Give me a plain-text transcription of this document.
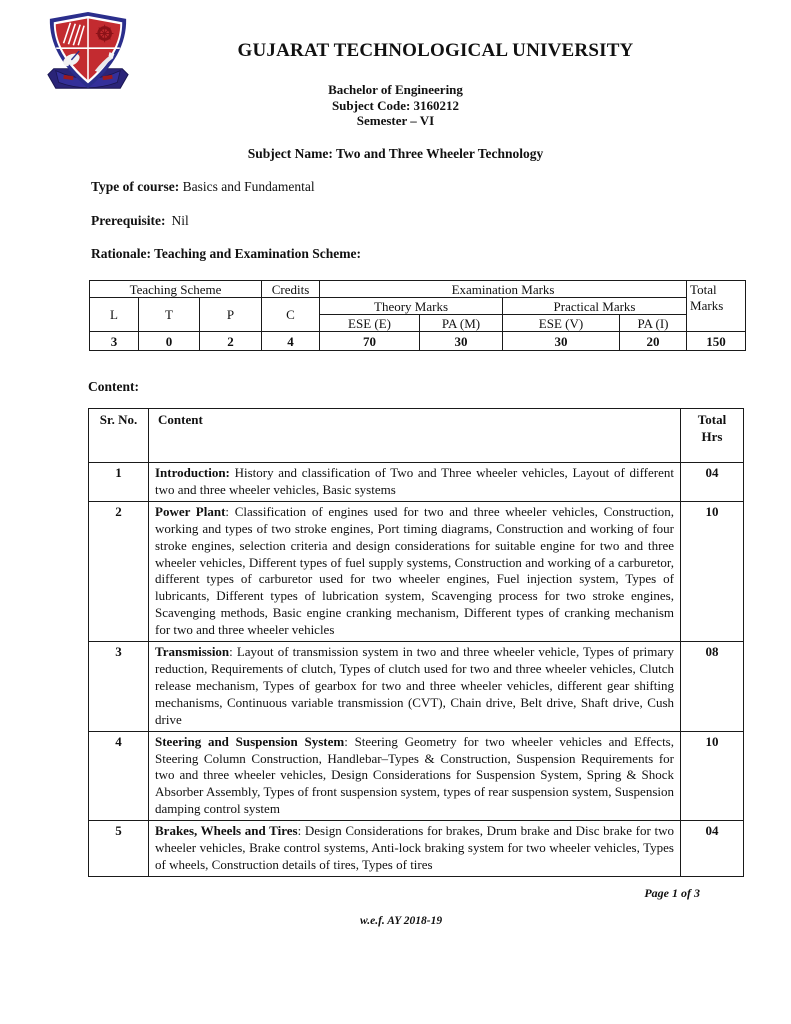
GUJARAT TECHNOLOGICAL UNIVERSITY
Bachelor of Engineering
Subject Code: 3160212
Semester – VI
Subject Name: Two and Three Wheeler Technology
Type of course: Basics and Fundamental
Prerequisite: Nil
Rationale: Teaching and Examination Scheme:
Teaching Scheme			Credits	Examination Marks				Total Marks
L	T	P	C	Theory Marks		Practical Marks		
				ESE (E)	PA (M)	ESE (V)	PA (I)	
3	0	2	4	70	30	30	20	150
Content:
Sr. No.	Content	Total Hrs
1	Introduction: History and classification of Two and Three wheeler vehicles, Layout of different two and three wheeler vehicles, Basic systems	04
2	Power Plant: Classification of engines used for two and three wheeler vehicles, Construction, working and types of two stroke engines, Port timing diagrams, Construction and working of four stroke engines, selection criteria and design considerations for suitable engine for two and three wheeler vehicles, Different types of fuel supply systems, Construction and working of a carburetor, different types of carburetor used for two wheeler engines, Fuel injection system, Types of lubricants, Different types of lubrication system, Scavenging process for two stroke engines, Scavenging methods, Basic engine cranking mechanism, Different types of cranking mechanism for two and three wheeler vehicles	10
3	Transmission: Layout of transmission system in two and three wheeler vehicle, Types of primary reduction, Requirements of clutch, Types of clutch used for two and three wheeler vehicles, Clutch release mechanism, Types of gearbox for two and three wheeler vehicles, different gear shifting mechanisms, Continuous variable transmission (CVT), Chain drive, Belt drive, Shaft drive, Cush drive	08
4	Steering and Suspension System: Steering Geometry for two wheeler vehicles and Effects, Steering Column Construction, Handlebar–Types & Construction, Suspension Requirements for two and three wheeler vehicles, Design Considerations for Suspension System, Spring & Shock Absorber Assembly, Types of front suspension system, types of rear suspension system, Suspension damping control system	10
5	Brakes, Wheels and Tires: Design Considerations for brakes, Drum brake and Disc brake for two wheeler vehicles, Brake control systems, Anti-lock braking system for two wheeler vehicles, Types of wheels, Construction details of tires, Types of tires	04
Page 1 of 3
w.e.f. AY 2018-19
